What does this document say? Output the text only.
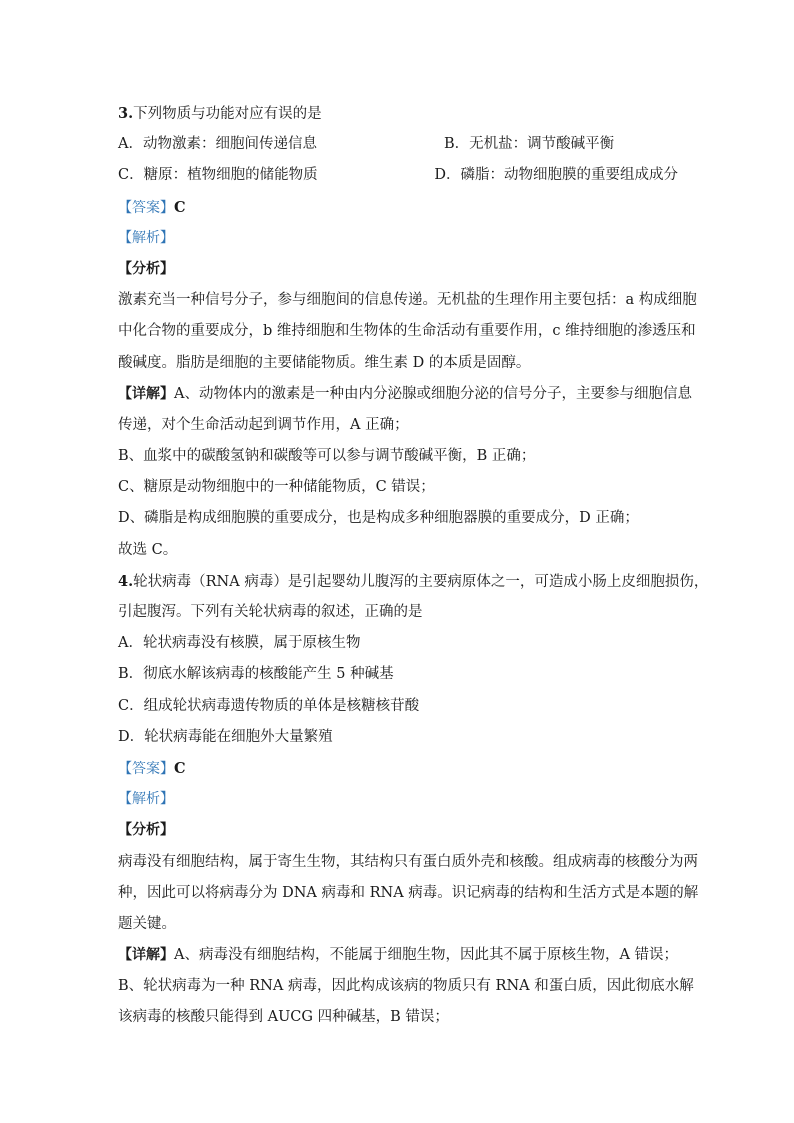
3.下列物质与功能对应有误的是
A．动物激素：细胞间传递信息	B．无机盐：调节酸碱平衡
C．糖原：植物细胞的储能物质	D．磷脂：动物细胞膜的重要组成成分
【答案】C
【解析】
【分析】
激素充当一种信号分子，参与细胞间的信息传递。无机盐的生理作用主要包括：a 构成细胞
中化合物的重要成分，b 维持细胞和生物体的生命活动有重要作用，c 维持细胞的渗透压和
酸碱度。脂肪是细胞的主要储能物质。维生素 D 的本质是固醇。
【详解】A、动物体内的激素是一种由内分泌腺或细胞分泌的信号分子，主要参与细胞信息
传递，对个生命活动起到调节作用，A 正确；
B、血浆中的碳酸氢钠和碳酸等可以参与调节酸碱平衡，B 正确；
C、糖原是动物细胞中的一种储能物质，C 错误；
D、磷脂是构成细胞膜的重要成分，也是构成多种细胞器膜的重要成分，D 正确；
故选 C。
4.轮状病毒（RNA 病毒）是引起婴幼儿腹泻的主要病原体之一，可造成小肠上皮细胞损伤，
引起腹泻。下列有关轮状病毒的叙述，正确的是
A．轮状病毒没有核膜，属于原核生物
B．彻底水解该病毒的核酸能产生 5 种碱基
C．组成轮状病毒遗传物质的单体是核糖核苷酸
D．轮状病毒能在细胞外大量繁殖
【答案】C
【解析】
【分析】
病毒没有细胞结构，属于寄生生物，其结构只有蛋白质外壳和核酸。组成病毒的核酸分为两
种，因此可以将病毒分为 DNA 病毒和 RNA 病毒。识记病毒的结构和生活方式是本题的解
题关键。
【详解】A、病毒没有细胞结构，不能属于细胞生物，因此其不属于原核生物，A 错误；
B、轮状病毒为一种 RNA 病毒，因此构成该病的物质只有 RNA 和蛋白质，因此彻底水解
该病毒的核酸只能得到 AUCG 四种碱基，B 错误；
